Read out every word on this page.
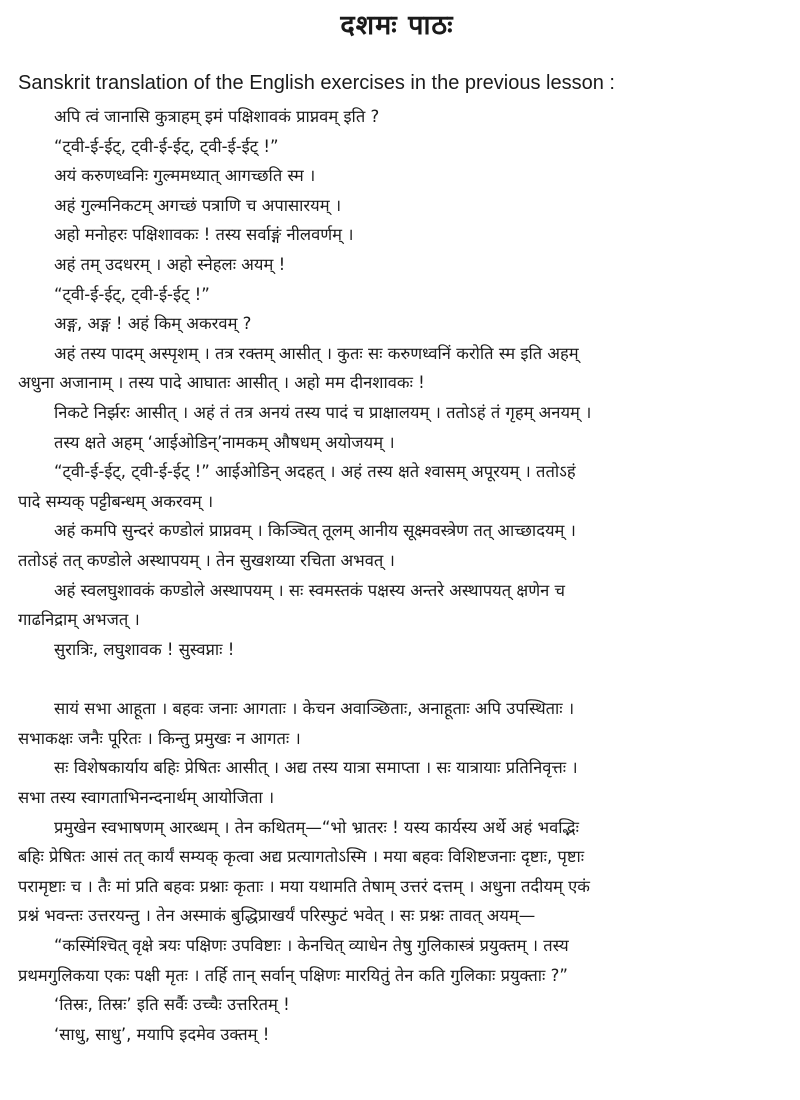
दशमः पाठः

Sanskrit translation of the English exercises in the previous lesson :

अपि त्वं जानासि कुत्राहम् इमं पक्षिशावकं प्राप्नवम् इति ?
“ट्वी-ई-ईट्, ट्वी-ई-ईट्, ट्वी-ई-ईट् !”
अयं करुणध्वनिः गुल्ममध्यात् आगच्छति स्म ।
अहं गुल्मनिकटम् अगच्छं पत्राणि च अपासारयम् ।
अहो मनोहरः पक्षिशावकः ! तस्य सर्वाङ्गं नीलवर्णम् ।
अहं तम् उदधरम् । अहो स्नेहलः अयम् !
“ट्वी-ई-ईट्, ट्वी-ई-ईट् !”
अङ्ग, अङ्ग ! अहं किम् अकरवम् ?
अहं तस्य पादम् अस्पृशम् । तत्र रक्तम् आसीत् । कुतः सः करुणध्वनिं करोति स्म इति अहम्
अधुना अजानाम् । तस्य पादे आघातः आसीत् । अहो मम दीनशावकः !
निकटे निर्झरः आसीत् । अहं तं तत्र अनयं तस्य पादं च प्राक्षालयम् । ततोऽहं तं गृहम् अनयम् ।
तस्य क्षते अहम् ‘आईओडिन्’नामकम् औषधम् अयोजयम् ।
“ट्वी-ई-ईट्, ट्वी-ई-ईट् !” आईओडिन् अदहत् । अहं तस्य क्षते श्वासम् अपूरयम् । ततोऽहं
पादे सम्यक् पट्टीबन्धम् अकरवम् ।
अहं कमपि सुन्दरं कण्डोलं प्राप्नवम् । किञ्चित् तूलम् आनीय सूक्ष्मवस्त्रेण तत् आच्छादयम् ।
ततोऽहं तत् कण्डोले अस्थापयम् । तेन सुखशय्या रचिता अभवत् ।
अहं स्वलघुशावकं कण्डोले अस्थापयम् । सः स्वमस्तकं पक्षस्य अन्तरे अस्थापयत् क्षणेन च
गाढनिद्राम् अभजत् ।
सुरात्रिः, लघुशावक ! सुस्वप्नाः !
सायं सभा आहूता । बहवः जनाः आगताः । केचन अवाञ्छिताः, अनाहूताः अपि उपस्थिताः ।
सभाकक्षः जनैः पूरितः । किन्तु प्रमुखः न आगतः ।
सः विशेषकार्याय बहिः प्रेषितः आसीत् । अद्य तस्य यात्रा समाप्ता । सः यात्रायाः प्रतिनिवृत्तः ।
सभा तस्य स्वागताभिनन्दनार्थम् आयोजिता ।
प्रमुखेन स्वभाषणम् आरब्धम् । तेन कथितम्—“भो भ्रातरः ! यस्य कार्यस्य अर्थे अहं भवद्भिः
बहिः प्रेषितः आसं तत् कार्यं सम्यक् कृत्वा अद्य प्रत्यागतोऽस्मि । मया बहवः विशिष्टजनाः दृष्टाः, पृष्टाः
परामृष्टाः च । तैः मां प्रति बहवः प्रश्नाः कृताः । मया यथामति तेषाम् उत्तरं दत्तम् । अधुना तदीयम् एकं
प्रश्नं भवन्तः उत्तरयन्तु । तेन अस्माकं बुद्धिप्राखर्यं परिस्फुटं भवेत् । सः प्रश्नः तावत् अयम्—
“कस्मिंश्चित् वृक्षे त्रयः पक्षिणः उपविष्टाः । केनचित् व्याधेन तेषु गुलिकास्त्रं प्रयुक्तम् । तस्य
प्रथमगुलिकया एकः पक्षी मृतः । तर्हि तान् सर्वान् पक्षिणः मारयितुं तेन कति गुलिकाः प्रयुक्ताः ?”
‘तिस्रः, तिस्रः’ इति सर्वैः उच्चैः उत्तरितम् !
‘साधु, साधु’, मयापि इदमेव उक्तम् !
